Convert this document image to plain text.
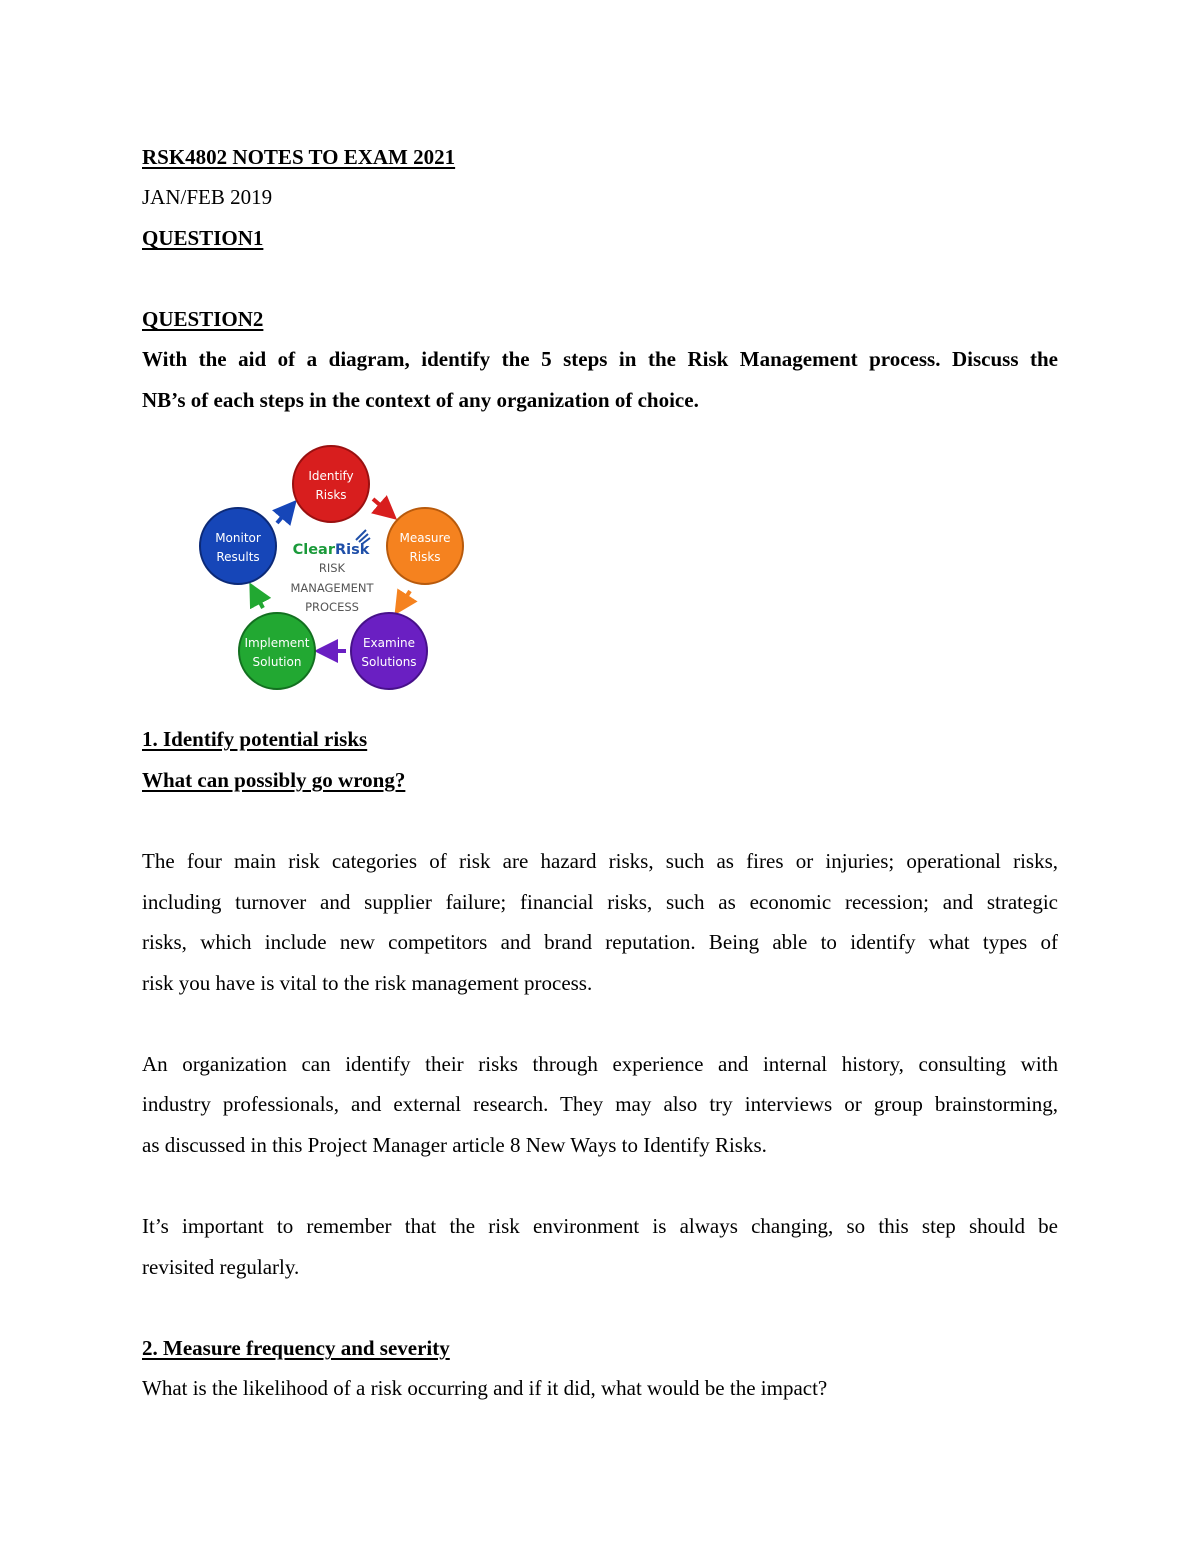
RSK4802 NOTES TO EXAM 2021
JAN/FEB 2019
QUESTION1
QUESTION2
With the aid of a diagram, identify the 5 steps in the Risk Management process. Discuss the
NB’s of each steps in the context of any organization of choice.
Identify
Risks
Measure
Risks
Examine
Solutions
Implement
Solution
Monitor
Results ClearRisk
RISK
MANAGEMENT
PROCESS
1. Identify potential risks
What can possibly go wrong?
The four main risk categories of risk are hazard risks, such as fires or injuries; operational risks,
including turnover and supplier failure; financial risks, such as economic recession; and strategic
risks, which include new competitors and brand reputation. Being able to identify what types of
risk you have is vital to the risk management process.
An organization can identify their risks through experience and internal history, consulting with
industry professionals, and external research. They may also try interviews or group brainstorming,
as discussed in this Project Manager article 8 New Ways to Identify Risks.
It’s important to remember that the risk environment is always changing, so this step should be
revisited regularly.
2. Measure frequency and severity
What is the likelihood of a risk occurring and if it did, what would be the impact?
